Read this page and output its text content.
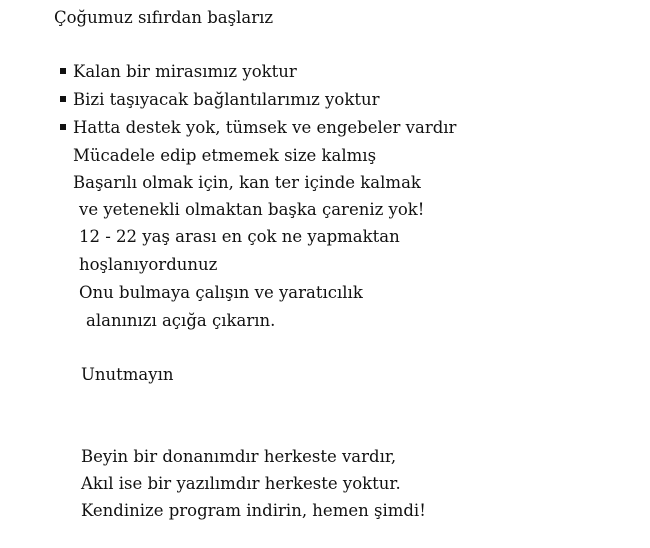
Çoğumuz sıfırdan başlarız
Kalan bir mirasımız yoktur
Bizi taşıyacak bağlantılarımız yoktur
Hatta destek yok, tümsek ve engebeler vardır
Mücadele edip etmemek size kalmış
Başarılı olmak için, kan ter içinde kalmak
ve yetenekli olmaktan başka çareniz yok!
12 - 22 yaş arası en çok ne yapmaktan
hoşlanıyordunuz
Onu bulmaya çalışın ve yaratıcılık
alanınızı açığa çıkarın.
Unutmayın
Beyin bir donanımdır herkeste vardır,
Akıl ise bir yazılımdır herkeste yoktur.
Kendinize program indirin, hemen şimdi!
